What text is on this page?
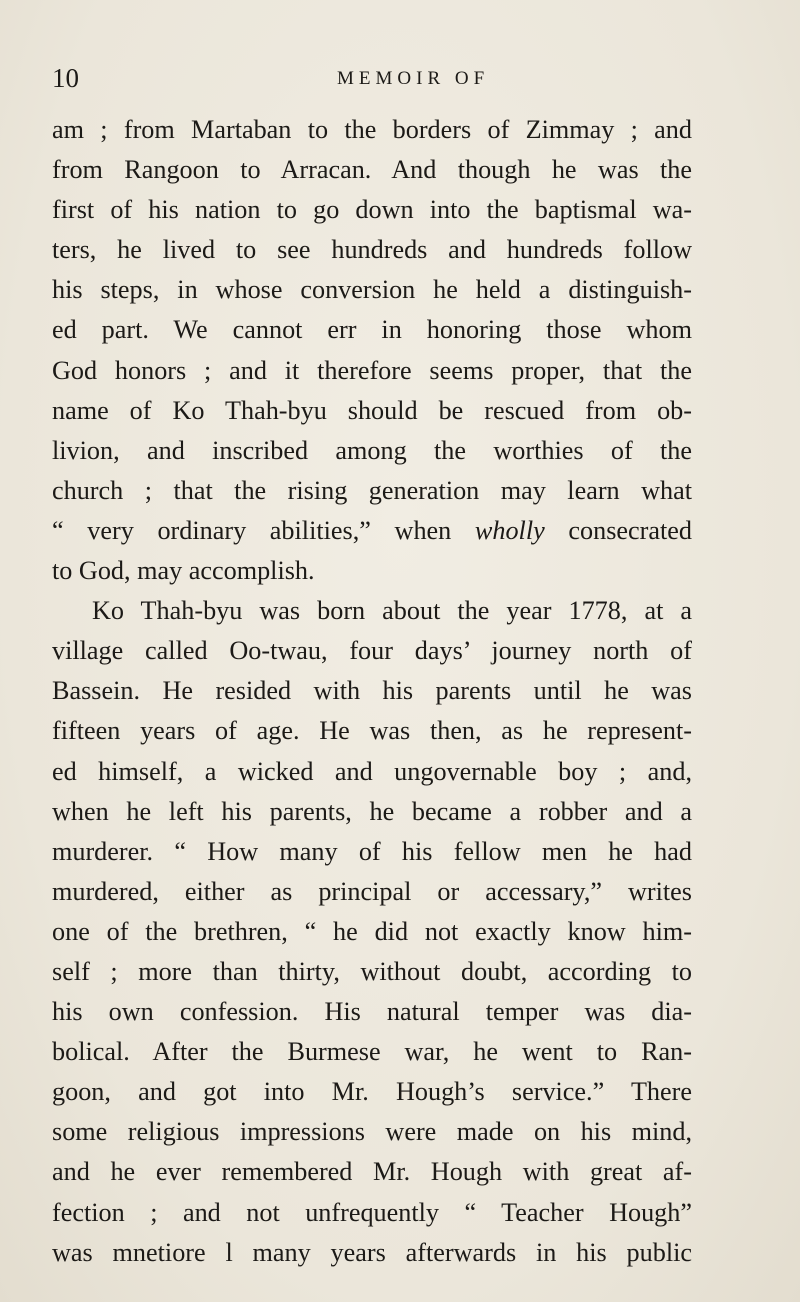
10	MEMOIR OF
am ; from Martaban to the borders of Zimmay ; and
from Rangoon to Arracan. And though he was the
first of his nation to go down into the baptismal wa-
ters, he lived to see hundreds and hundreds follow
his steps, in whose conversion he held a distinguish-
ed part. We cannot err in honoring those whom
God honors ; and it therefore seems proper, that the
name of Ko Thah-byu should be rescued from ob-
livion, and inscribed among the worthies of the
church ; that the rising generation may learn what
“ very ordinary abilities,” when wholly consecrated
to God, may accomplish.
Ko Thah-byu was born about the year 1778, at a
village called Oo-twau, four days’ journey north of
Bassein. He resided with his parents until he was
fifteen years of age. He was then, as he represent-
ed himself, a wicked and ungovernable boy ; and,
when he left his parents, he became a robber and a
murderer. “ How many of his fellow men he had
murdered, either as principal or accessary,” writes
one of the brethren, “ he did not exactly know him-
self ; more than thirty, without doubt, according to
his own confession. His natural temper was dia-
bolical. After the Burmese war, he went to Ran-
goon, and got into Mr. Hough’s service.” There
some religious impressions were made on his mind,
and he ever remembered Mr. Hough with great af-
fection ; and not unfrequently “ Teacher Hough”
was mnetiore l many years afterwards in his public
